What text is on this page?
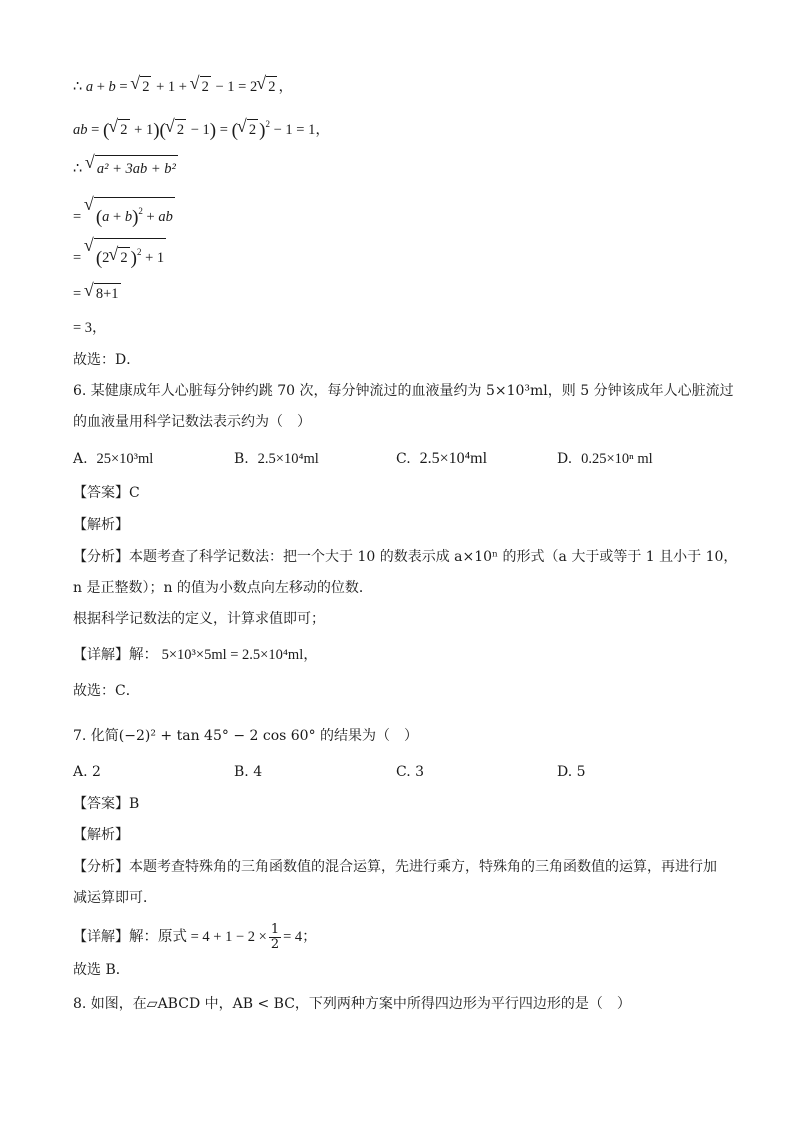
∴ a + b = √ 2 + 1 + √ 2 − 1 = 2 √ 2 ，
ab = ( √ 2 + 1)( √ 2 − 1) = ( √ 2 )$^2$ − 1 = 1，
∴ √ a² + 3ab + b²
= √ $(a + b)^2$ + ab
= √ (2 √ 2 )$^2$ + 1
= √ 8+1
= 3，
故选：D．
6. 某健康成年人心脏每分钟约跳 70 次，每分钟流过的血液量约为 5×10³ml，则 5 分钟该成年人心脏流过
的血液量用科学记数法表示约为（　）
A. 25×10³ml	B. 2.5×10⁴ml	C. 2.5×10⁴ml	D. 0.25×10ⁿ ml
【答案】C
【解析】
【分析】本题考查了科学记数法：把一个大于 10 的数表示成 a×10ⁿ 的形式（a 大于或等于 1 且小于 10，
n 是正整数）；n 的值为小数点向左移动的位数．
根据科学记数法的定义，计算求值即可；
【详解】解： 5×10³×5ml = 2.5×10⁴ml，
故选：C．
7. 化简(−2)² + tan 45° − 2 cos 60° 的结果为（　）
A. 2	B. 4	C. 3	D. 5
【答案】B
【解析】
【分析】本题考查特殊角的三角函数值的混合运算，先进行乘方，特殊角的三角函数值的运算，再进行加
减运算即可．
【详解】解：原式 = $4 + 1 - 2 \times \frac{1}{2} = 4$；
故选 B．
8. 如图，在▱ABCD 中，AB < BC，下列两种方案中所得四边形为平行四边形的是（　）
